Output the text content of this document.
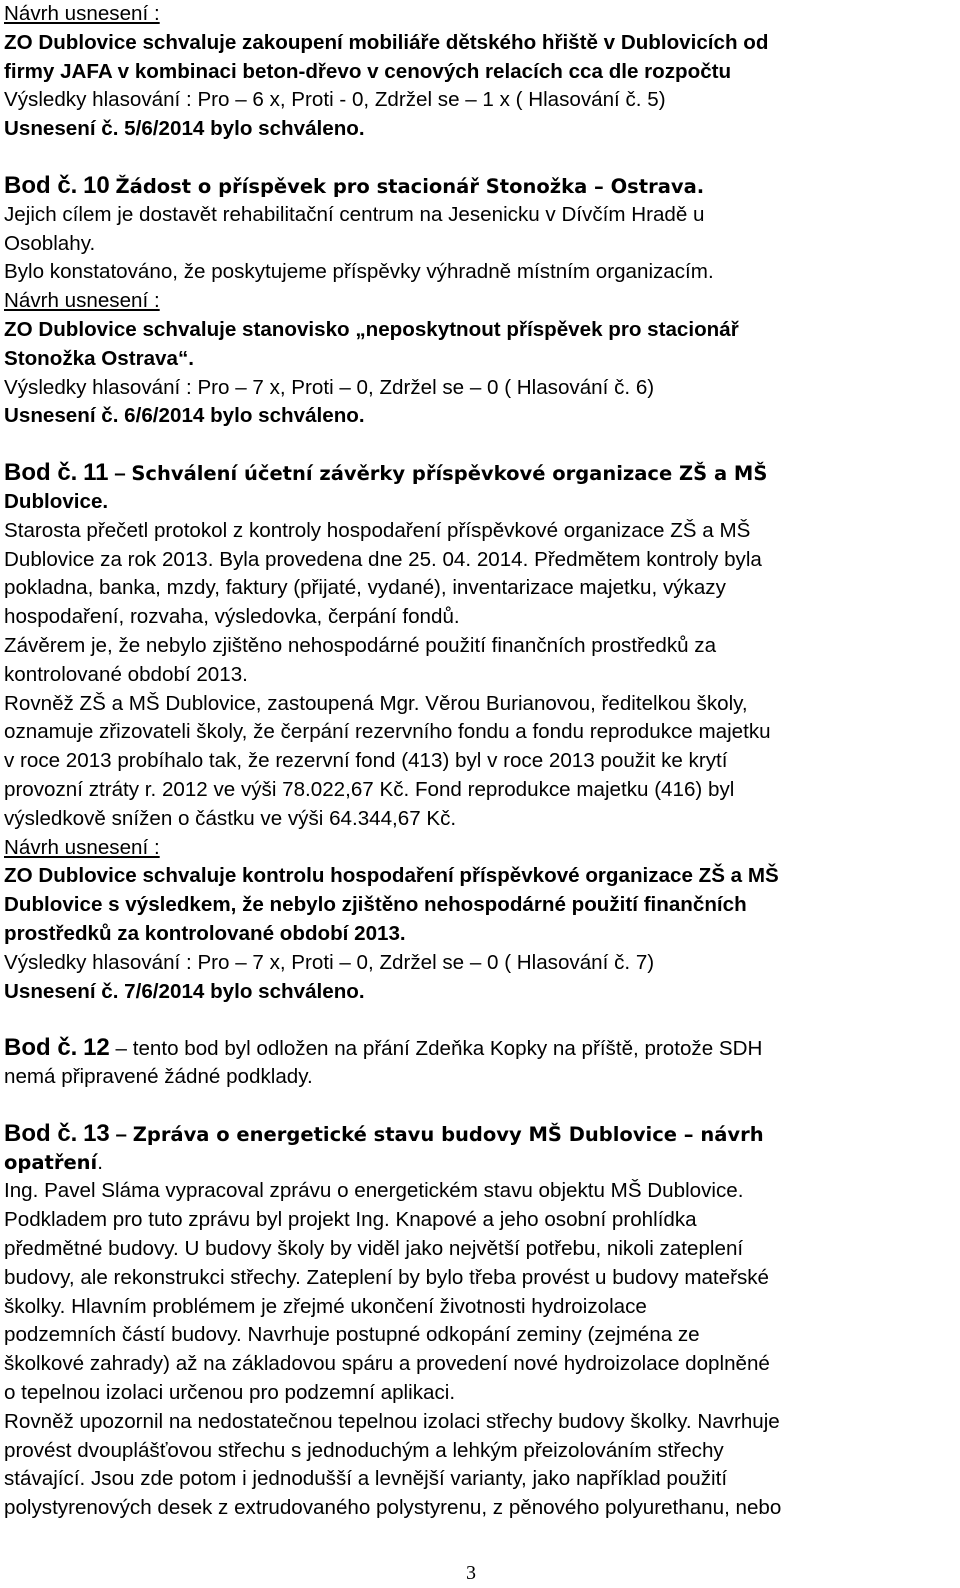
Návrh usnesení :
ZO Dublovice schvaluje zakoupení mobiliáře dětského hřiště v Dublovicích od
firmy JAFA v kombinaci beton-dřevo v cenových relacích cca dle rozpočtu
Výsledky hlasování : Pro – 6 x, Proti - 0, Zdržel se – 1 x ( Hlasování č. 5)
Usnesení č. 5/6/2014 bylo schváleno.
Bod č. 10 Žádost o příspěvek pro stacionář Stonožka – Ostrava.
Jejich cílem je dostavět rehabilitační centrum na Jesenicku v Dívčím Hradě u
Osoblahy.
Bylo konstatováno, že poskytujeme příspěvky výhradně místním organizacím.
Návrh usnesení :
ZO Dublovice schvaluje stanovisko „neposkytnout příspěvek pro stacionář
Stonožka Ostrava“.
Výsledky hlasování : Pro – 7 x, Proti – 0, Zdržel se – 0 ( Hlasování č. 6)
Usnesení č. 6/6/2014 bylo schváleno.
Bod č. 11 – Schválení účetní závěrky příspěvkové organizace ZŠ a MŠ
Dublovice.
Starosta přečetl protokol z kontroly hospodaření příspěvkové organizace ZŠ a MŠ
Dublovice za rok 2013. Byla provedena dne 25. 04. 2014. Předmětem kontroly byla
pokladna, banka, mzdy, faktury (přijaté, vydané), inventarizace majetku, výkazy
hospodaření, rozvaha, výsledovka, čerpání fondů.
Závěrem je, že nebylo zjištěno nehospodárné použití finančních prostředků za
kontrolované období 2013.
Rovněž ZŠ a MŠ Dublovice, zastoupená Mgr. Věrou Burianovou, ředitelkou školy,
oznamuje zřizovateli školy, že čerpání rezervního fondu a fondu reprodukce majetku
v roce 2013 probíhalo tak, že rezervní fond (413) byl v roce 2013 použit ke krytí
provozní ztráty r. 2012 ve výši 78.022,67 Kč. Fond reprodukce majetku (416) byl
výsledkově snížen o částku ve výši 64.344,67 Kč.
Návrh usnesení :
ZO Dublovice schvaluje kontrolu hospodaření příspěvkové organizace ZŠ a MŠ
Dublovice s výsledkem, že nebylo zjištěno nehospodárné použití finančních
prostředků za kontrolované období 2013.
Výsledky hlasování : Pro – 7 x, Proti – 0, Zdržel se – 0 ( Hlasování č. 7)
Usnesení č. 7/6/2014 bylo schváleno.
Bod č. 12 – tento bod byl odložen na přání Zdeňka Kopky na příště, protože SDH
nemá připravené žádné podklady.
Bod č. 13 – Zpráva o energetické stavu budovy MŠ Dublovice – návrh
opatření.
Ing. Pavel Sláma vypracoval zprávu o energetickém stavu objektu MŠ Dublovice.
Podkladem pro tuto zprávu byl projekt Ing. Knapové a jeho osobní prohlídka
předmětné budovy. U budovy školy by viděl jako největší potřebu, nikoli zateplení
budovy, ale rekonstrukci střechy. Zateplení by bylo třeba provést u budovy mateřské
školky. Hlavním problémem je zřejmé ukončení životnosti hydroizolace
podzemních částí budovy. Navrhuje postupné odkopání zeminy (zejména ze
školkové zahrady) až na základovou spáru a provedení nové hydroizolace doplněné
o tepelnou izolaci určenou pro podzemní aplikaci.
Rovněž upozornil na nedostatečnou tepelnou izolaci střechy budovy školky. Navrhuje
provést dvouplášťovou střechu s jednoduchým a lehkým přeizolováním střechy
stávající. Jsou zde potom i jednodušší a levnější varianty, jako například použití
polystyrenových desek z extrudovaného polystyrenu, z pěnového polyurethanu, nebo
3
